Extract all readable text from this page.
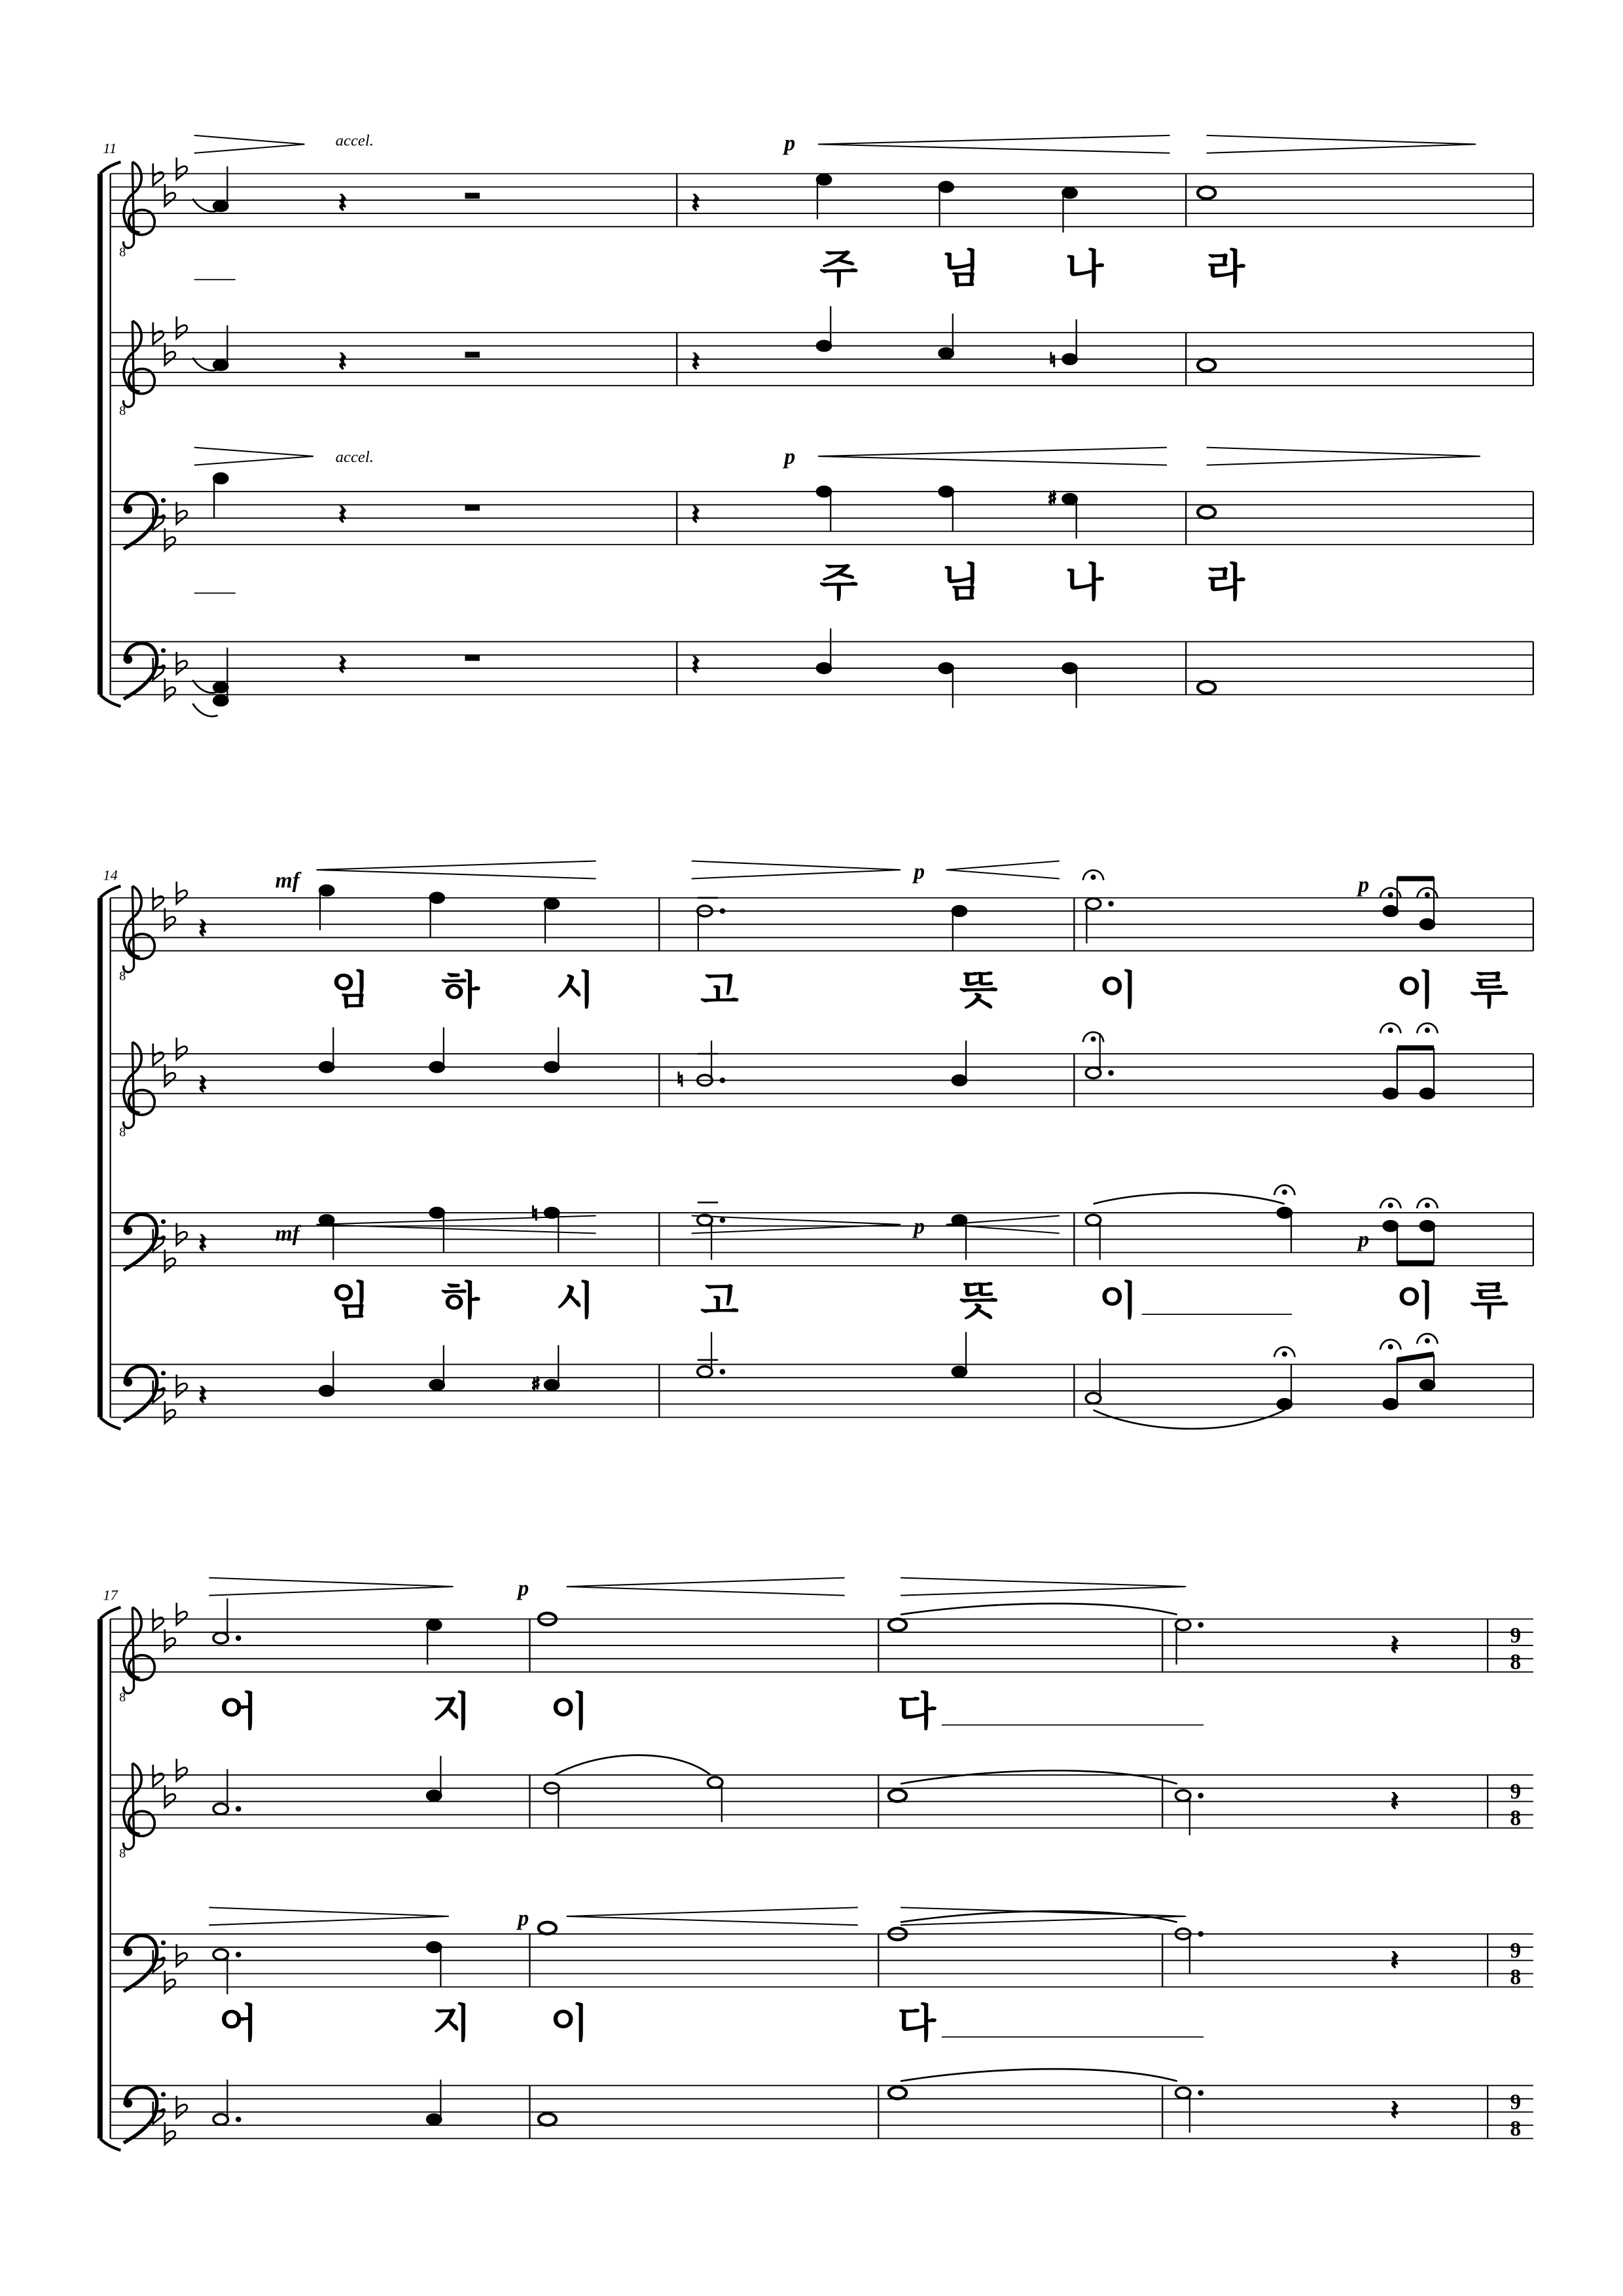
8
11	accel.
accel.
p
p
𝄽	𝄽
𝄽	𝄽	♮
𝄽	𝄽
♯
𝄽	𝄽
주	님	나	라
주	님	나	라
14	mf	p
p
mf	p
p
𝄽
𝄽	♮
𝄽
♮
𝄽	♯
임	하	시	고	뜻	이	이 루
임	하	시	고	뜻	이	이 루
17
9
8
9
8
9
8
9
8
p
p
𝄽
𝄽
𝄽
𝄽
어	지	이	다
어	지	이	다
